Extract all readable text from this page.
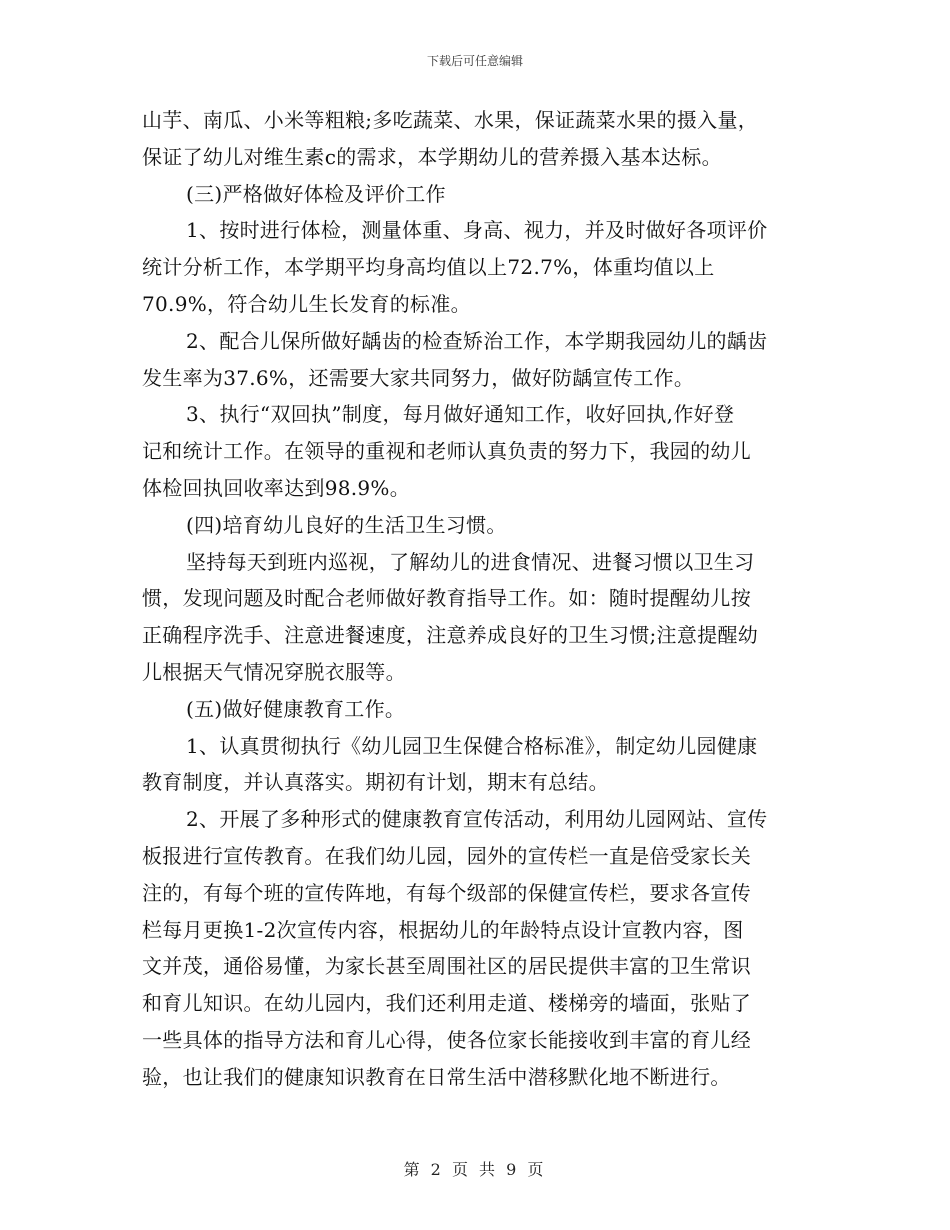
下载后可任意编辑
山芋、南瓜、小米等粗粮;多吃蔬菜、水果，保证蔬菜水果的摄入量，
保证了幼儿对维生素c的需求，本学期幼儿的营养摄入基本达标。
(三)严格做好体检及评价工作
1、按时进行体检，测量体重、身高、视力，并及时做好各项评价
统计分析工作，本学期平均身高均值以上72.7%，体重均值以上
70.9%，符合幼儿生长发育的标准。
2、配合儿保所做好龋齿的检查矫治工作，本学期我园幼儿的龋齿
发生率为37.6%，还需要大家共同努力，做好防龋宣传工作。
3、执行“双回执”制度，每月做好通知工作，收好回执,作好登
记和统计工作。在领导的重视和老师认真负责的努力下，我园的幼儿
体检回执回收率达到98.9%。
(四)培育幼儿良好的生活卫生习惯。
坚持每天到班内巡视，了解幼儿的进食情况、进餐习惯以卫生习
惯，发现问题及时配合老师做好教育指导工作。如：随时提醒幼儿按
正确程序洗手、注意进餐速度，注意养成良好的卫生习惯;注意提醒幼
儿根据天气情况穿脱衣服等。
(五)做好健康教育工作。
1、认真贯彻执行《幼儿园卫生保健合格标准》，制定幼儿园健康
教育制度，并认真落实。期初有计划，期末有总结。
2、开展了多种形式的健康教育宣传活动，利用幼儿园网站、宣传
板报进行宣传教育。在我们幼儿园，园外的宣传栏一直是倍受家长关
注的，有每个班的宣传阵地，有每个级部的保健宣传栏，要求各宣传
栏每月更换1-2次宣传内容，根据幼儿的年龄特点设计宣教内容，图
文并茂，通俗易懂，为家长甚至周围社区的居民提供丰富的卫生常识
和育儿知识。在幼儿园内，我们还利用走道、楼梯旁的墙面，张贴了
一些具体的指导方法和育儿心得，使各位家长能接收到丰富的育儿经
验，也让我们的健康知识教育在日常生活中潜移默化地不断进行。
第 2 页 共 9 页
